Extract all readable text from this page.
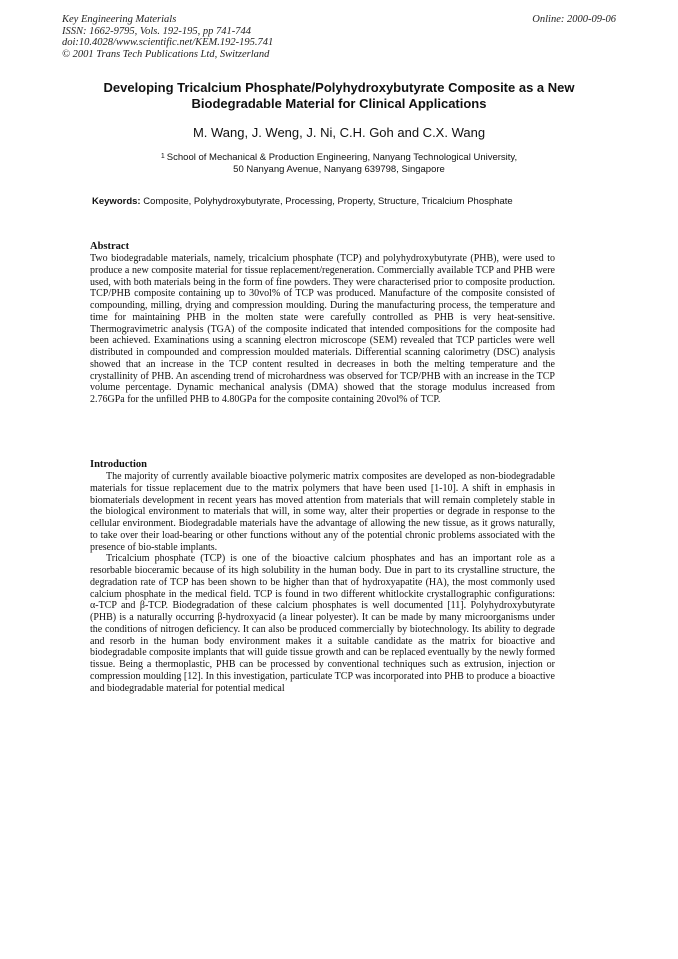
Key Engineering Materials
ISSN: 1662-9795, Vols. 192-195, pp 741-744
doi:10.4028/www.scientific.net/KEM.192-195.741
© 2001 Trans Tech Publications Ltd, Switzerland
Online: 2000-09-06
Developing Tricalcium Phosphate/Polyhydroxybutyrate Composite as a New Biodegradable Material for Clinical Applications
M. Wang, J. Weng, J. Ni, C.H. Goh and C.X. Wang
$^1$ School of Mechanical & Production Engineering, Nanyang Technological University,
50 Nanyang Avenue, Nanyang 639798, Singapore
Keywords: Composite, Polyhydroxybutyrate, Processing, Property, Structure, Tricalcium Phosphate
Abstract

Two biodegradable materials, namely, tricalcium phosphate (TCP) and polyhydroxybutyrate (PHB), were used to produce a new composite material for tissue replacement/regeneration. Commercially available TCP and PHB were used, with both materials being in the form of fine powders. They were characterised prior to composite production. TCP/PHB composite containing up to 30vol% of TCP was produced. Manufacture of the composite consisted of compounding, milling, drying and compression moulding. During the manufacturing process, the temperature and time for maintaining PHB in the molten state were carefully controlled as PHB is very heat-sensitive. Thermogravimetric analysis (TGA) of the composite indicated that intended compositions for the composite had been achieved. Examinations using a scanning electron microscope (SEM) revealed that TCP particles were well distributed in compounded and compression moulded materials. Differential scanning calorimetry (DSC) analysis showed that an increase in the TCP content resulted in decreases in both the melting temperature and the crystallinity of PHB. An ascending trend of microhardness was observed for TCP/PHB with an increase in the TCP volume percentage. Dynamic mechanical analysis (DMA) showed that the storage modulus increased from 2.76GPa for the unfilled PHB to 4.80GPa for the composite containing 20vol% of TCP.

Introduction

The majority of currently available bioactive polymeric matrix composites are developed as non-biodegradable materials for tissue replacement due to the matrix polymers that have been used [1-10]. A shift in emphasis in biomaterials development in recent years has moved attention from materials that will remain completely stable in the biological environment to materials that will, in some way, alter their properties or degrade in response to the cellular environment. Biodegradable materials have the advantage of allowing the new tissue, as it grows naturally, to take over their load-bearing or other functions without any of the potential chronic problems associated with the presence of bio-stable implants.

Tricalcium phosphate (TCP) is one of the bioactive calcium phosphates and has an important role as a resorbable bioceramic because of its high solubility in the human body. Due in part to its crystalline structure, the degradation rate of TCP has been shown to be higher than that of hydroxyapatite (HA), the most commonly used calcium phosphate in the medical field. TCP is found in two different whitlockite crystallographic configurations: α-TCP and β-TCP. Biodegradation of these calcium phosphates is well documented [11]. Polyhydroxybutyrate (PHB) is a naturally occurring β-hydroxyacid (a linear polyester). It can be made by many microorganisms under the conditions of nitrogen deficiency. It can also be produced commercially by biotechnology. Its ability to degrade and resorb in the human body environment makes it a suitable candidate as the matrix for bioactive and biodegradable composite implants that will guide tissue growth and can be replaced eventually by the newly formed tissue. Being a thermoplastic, PHB can be processed by conventional techniques such as extrusion, injection or compression moulding [12]. In this investigation, particulate TCP was incorporated into PHB to produce a bioactive and biodegradable material for potential medical
